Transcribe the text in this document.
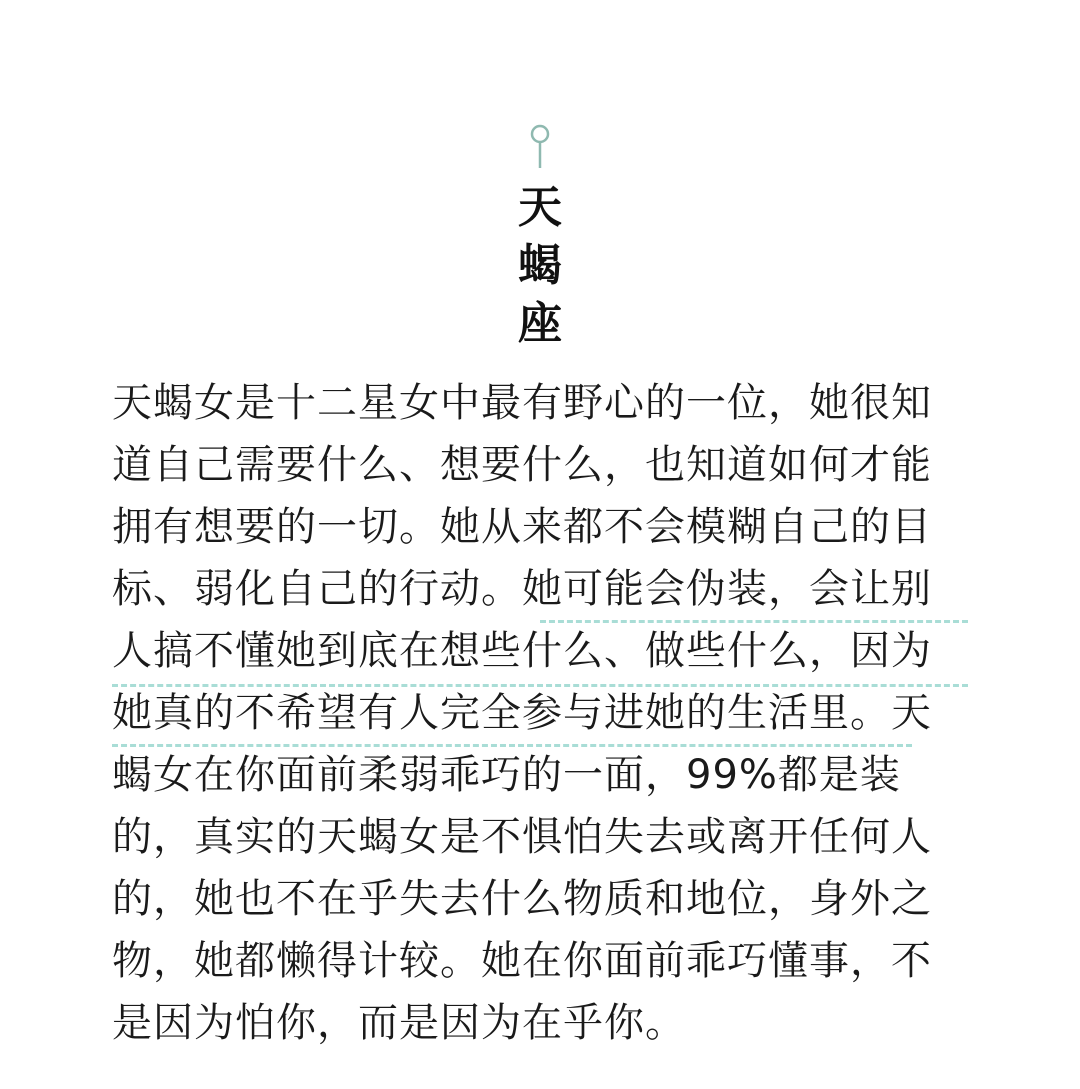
天
蝎
座
天蝎女是十二星女中最有野心的一位，她很知
道自己需要什么、想要什么，也知道如何才能
拥有想要的一切。她从来都不会模糊自己的目
标、弱化自己的行动。她可能会伪装，会让别
人搞不懂她到底在想些什么、做些什么，因为
她真的不希望有人完全参与进她的生活里。天
蝎女在你面前柔弱乖巧的一面，99%都是装
的，真实的天蝎女是不惧怕失去或离开任何人
的，她也不在乎失去什么物质和地位，身外之
物，她都懒得计较。她在你面前乖巧懂事，不
是因为怕你，而是因为在乎你。
